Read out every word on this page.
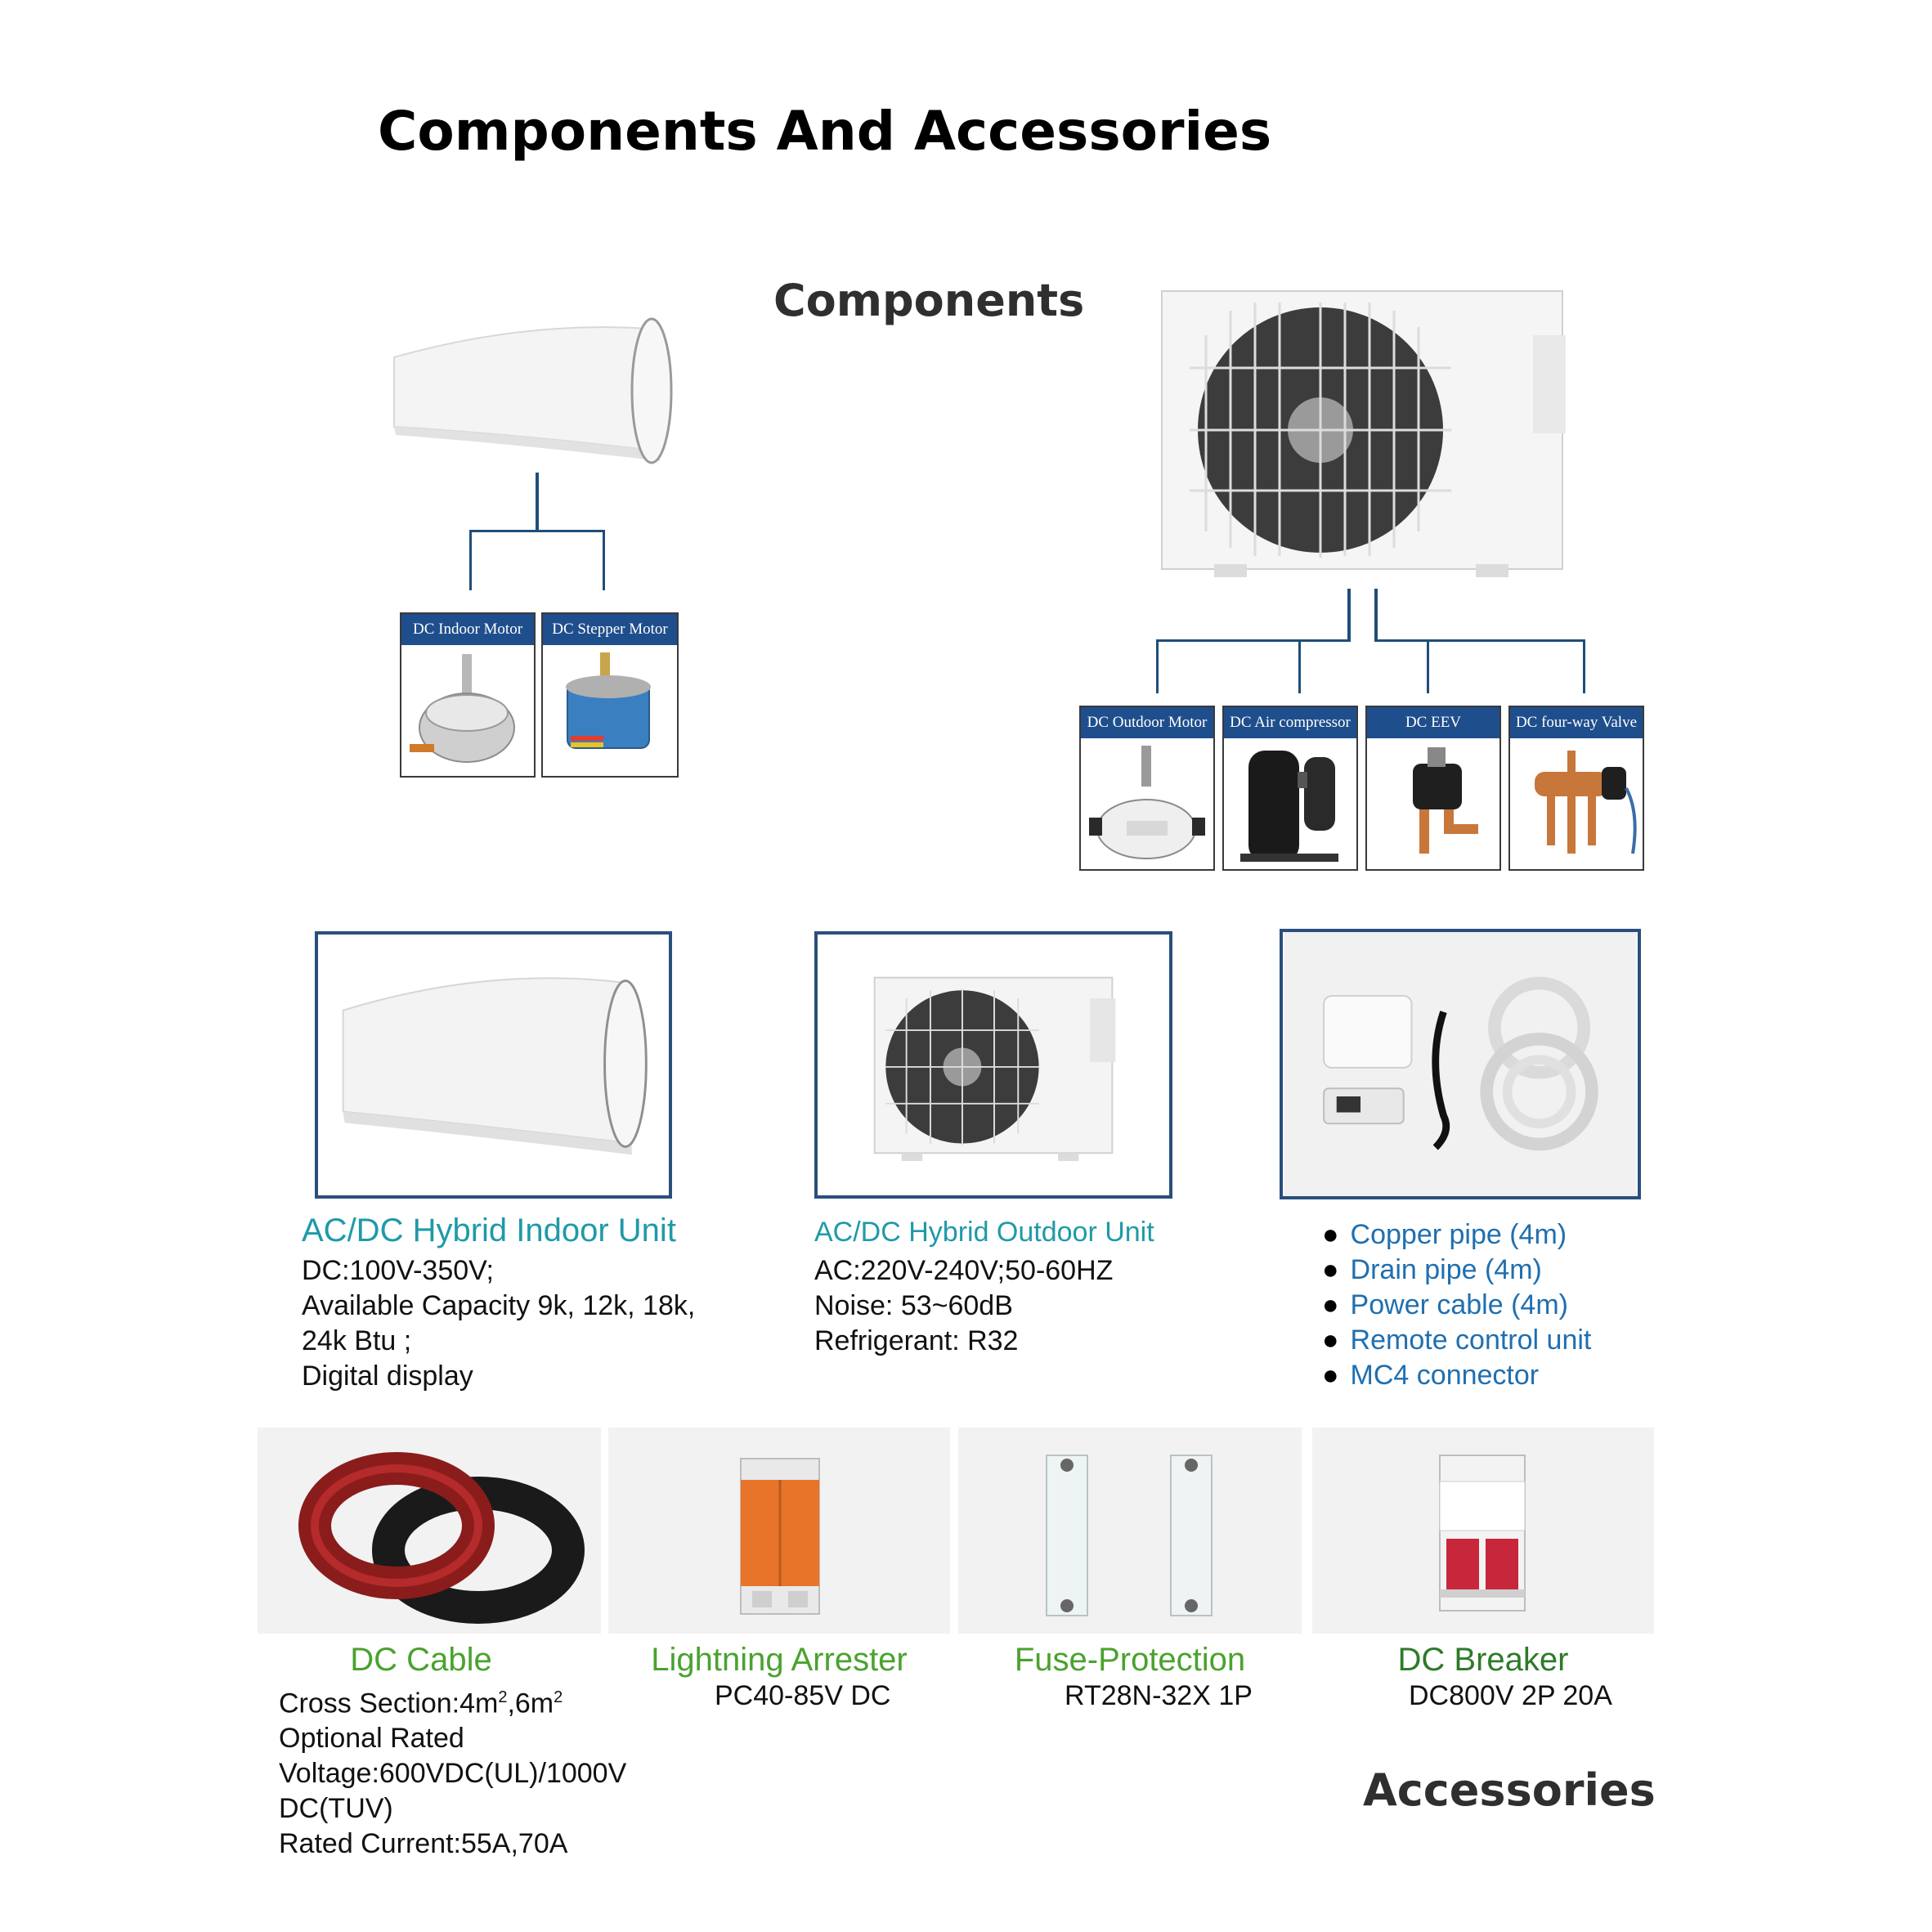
Components And Accessories
Components
DC Indoor Motor	DC Stepper Motor
DC Outdoor Motor	DC Air compressor	DC EEV	DC four-way Valve
AC/DC Hybrid Indoor Unit
DC:100V-350V;
Available Capacity 9k, 12k, 18k,
24k Btu ;
Digital display
AC/DC Hybrid Outdoor Unit
AC:220V-240V;50-60HZ
Noise: 53~60dB
Refrigerant: R32
● Copper pipe (4m)
● Drain pipe (4m)
● Power cable (4m)
● Remote control unit
● MC4 connector
DC Cable	Lightning Arrester	Fuse-Protection	DC Breaker
Cross $Section:4m^2,6m^2$
Optional Rated
Voltage:600VDC(UL)/1000V
DC(TUV)
Rated Current:55A,70A
PC40-85V DC	RT28N-32X 1P	DC800V 2P 20A
Accessories
